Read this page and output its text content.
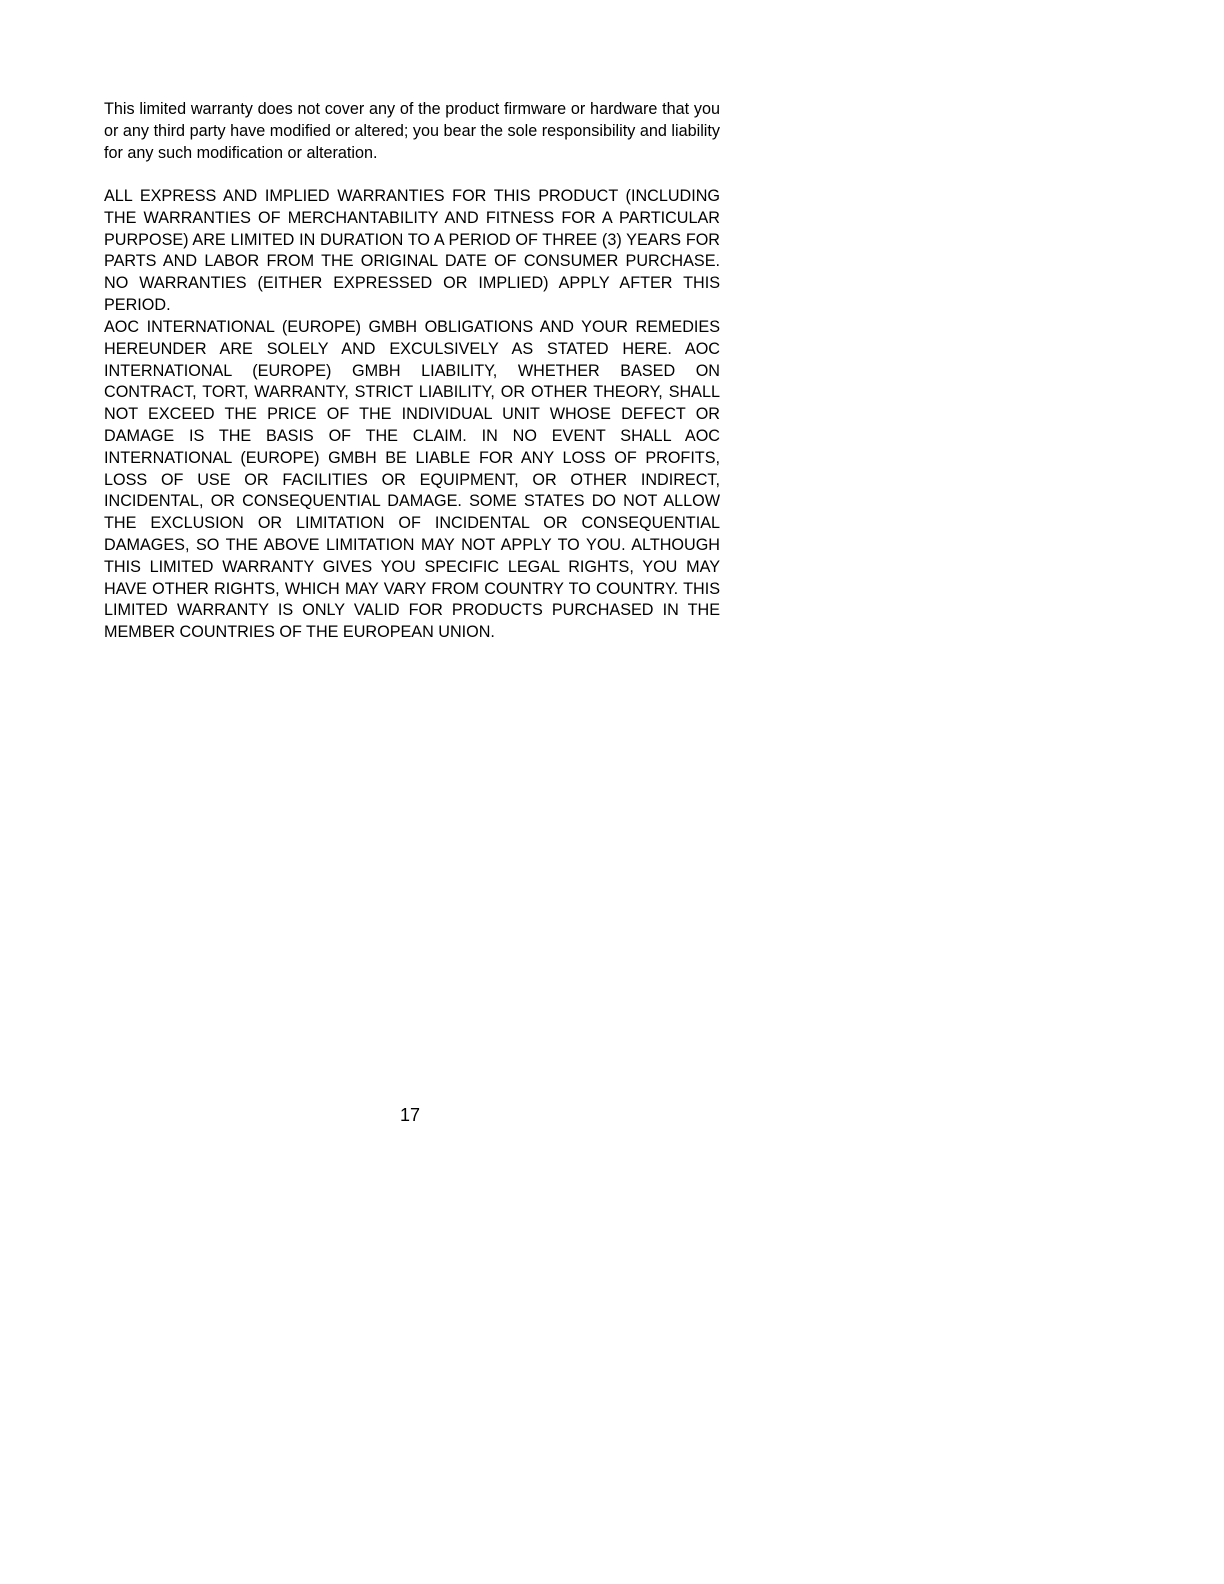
This limited warranty does not cover any of the product firmware or hardware that you or any third party have modified or altered; you bear the sole responsibility and liability for any such modification or alteration.

ALL EXPRESS AND IMPLIED WARRANTIES FOR THIS PRODUCT (INCLUDING THE WARRANTIES OF MERCHANTABILITY AND FITNESS FOR A PARTICULAR PURPOSE) ARE LIMITED IN DURATION TO A PERIOD OF THREE (3) YEARS FOR PARTS AND LABOR FROM THE ORIGINAL DATE OF CONSUMER PURCHASE. NO WARRANTIES (EITHER EXPRESSED OR IMPLIED) APPLY AFTER THIS PERIOD.

AOC INTERNATIONAL (EUROPE) GMBH OBLIGATIONS AND YOUR REMEDIES HEREUNDER ARE SOLELY AND EXCULSIVELY AS STATED HERE. AOC INTERNATIONAL (EUROPE) GMBH LIABILITY, WHETHER BASED ON CONTRACT, TORT, WARRANTY, STRICT LIABILITY, OR OTHER THEORY, SHALL NOT EXCEED THE PRICE OF THE INDIVIDUAL UNIT WHOSE DEFECT OR DAMAGE IS THE BASIS OF THE CLAIM. IN NO EVENT SHALL AOC INTERNATIONAL (EUROPE) GMBH BE LIABLE FOR ANY LOSS OF PROFITS, LOSS OF USE OR FACILITIES OR EQUIPMENT, OR OTHER INDIRECT, INCIDENTAL, OR CONSEQUENTIAL DAMAGE. SOME STATES DO NOT ALLOW THE EXCLUSION OR LIMITATION OF INCIDENTAL OR CONSEQUENTIAL DAMAGES, SO THE ABOVE LIMITATION MAY NOT APPLY TO YOU. ALTHOUGH THIS LIMITED WARRANTY GIVES YOU SPECIFIC LEGAL RIGHTS, YOU MAY HAVE OTHER RIGHTS, WHICH MAY VARY FROM COUNTRY TO COUNTRY. THIS LIMITED WARRANTY IS ONLY VALID FOR PRODUCTS PURCHASED IN THE MEMBER COUNTRIES OF THE EUROPEAN UNION.

17
